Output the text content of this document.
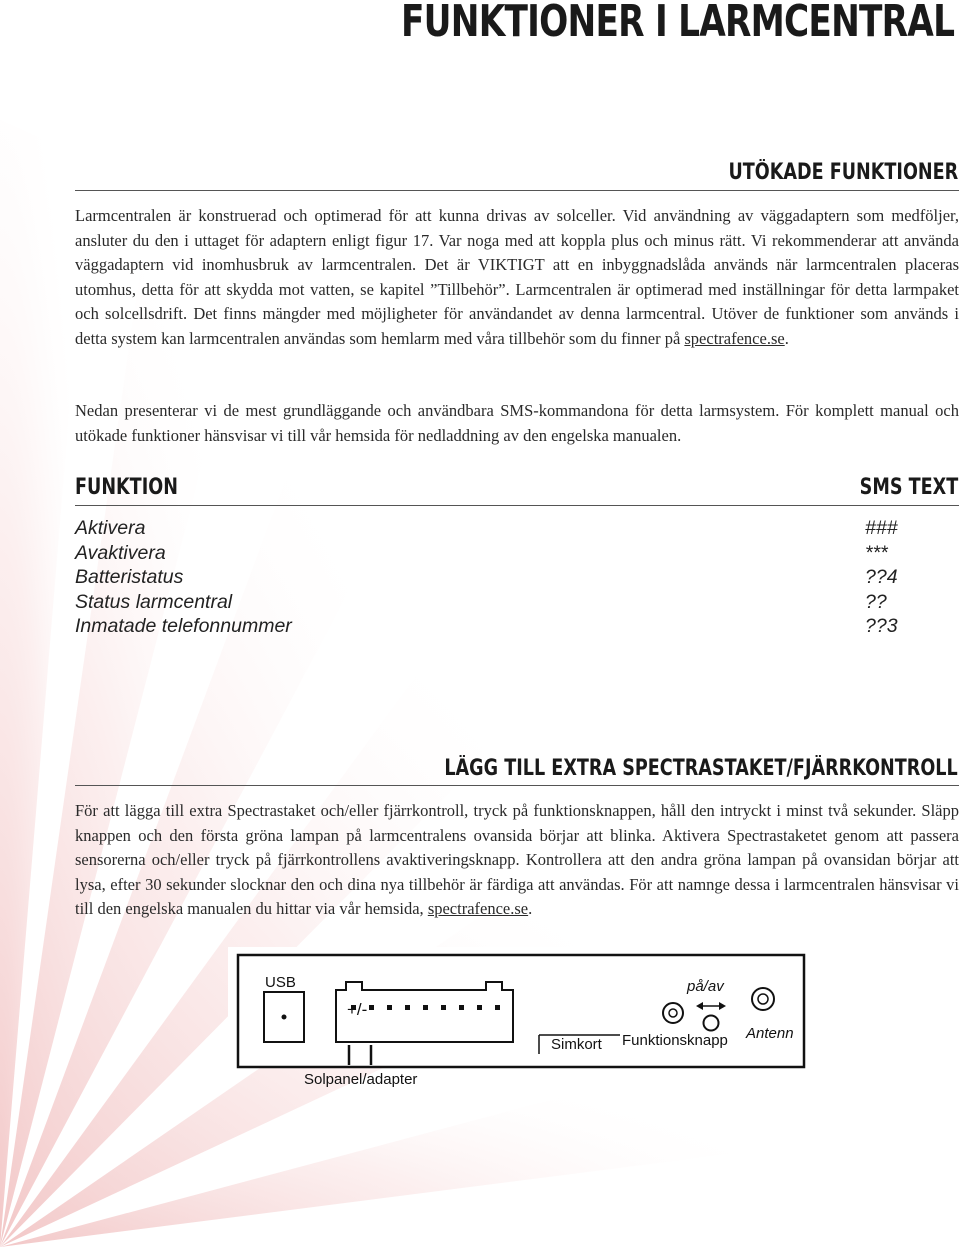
FUNKTIONER I LARMCENTRAL
UTÖKADE FUNKTIONER

Larmcentralen är konstruerad och optimerad för att kunna drivas av solceller. Vid användning av väggadaptern som medföljer, ansluter du den i uttaget för adaptern enligt figur 17. Var noga med att koppla plus och minus rätt. Vi rekommenderar att använda väggadaptern vid inomhusbruk av larmcentralen. Det är VIKTIGT att en inbyggnadslåda används när larmcentralen placeras utomhus, detta för att skydda mot vatten, se kapitel ”Tillbehör”. Larmcentralen är optimerad med inställningar för detta larmpaket och solcellsdrift. Det finns mängder med möjligheter för användandet av denna larmcentral. Utöver de funktioner som används i detta system kan larmcentralen användas som hemlarm med våra tillbehör som du finner på spectrafence.se.

Nedan presenterar vi de mest grundläggande och användbara SMS-kommandona för detta larmsystem. För komplett manual och utökade funktioner hänsvisar vi till vår hemsida för nedladdning av den engelska manualen.

FUNKTION	SMS TEXT
Aktivera	###
Avaktivera	***
Batteristatus	??4
Status larmcentral	??
Inmatade telefonnummer	??3
LÄGG TILL EXTRA SPECTRASTAKET/FJÄRRKONTROLL

För att lägga till extra Spectrastaket och/eller fjärrkontroll, tryck på funktionsknappen, håll den intryckt i minst två sekunder. Släpp knappen och den första gröna lampan på larmcentralens ovansida börjar att blinka. Aktivera Spectrastaketet genom att passera sensorerna och/eller tryck på fjärrkontrollens avaktiveringsknapp. Kontrollera att den andra gröna lampan på ovansidan börjar att lysa, efter 30 sekunder slocknar den och dina nya tillbehör är färdiga att användas. För att namnge dessa i larmcentralen hänsvisar vi till den engelska manualen du hittar via vår hemsida, spectrafence.se.

USB
+/-
på/av
Simkort Funktionsknapp Antenn
Solpanel/adapter
